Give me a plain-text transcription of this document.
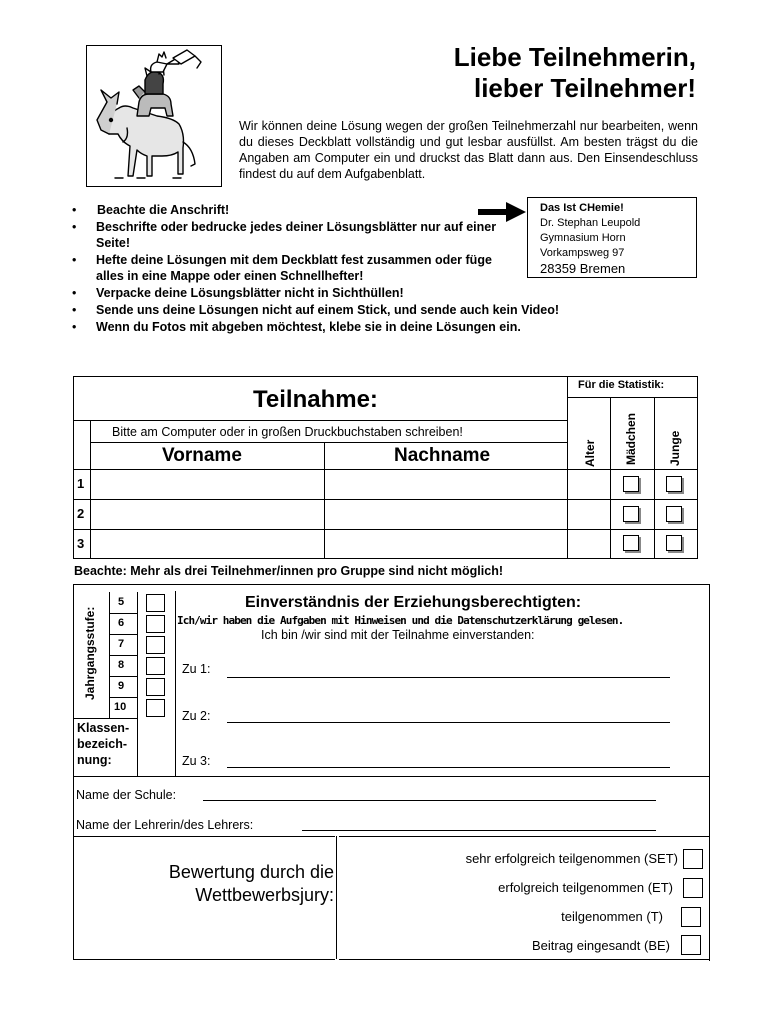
Liebe Teilnehmerin,
lieber Teilnehmer!
Wir können deine Lösung wegen der großen Teilnehmerzahl nur bearbeiten, wenn du dieses Deckblatt vollständig und gut lesbar ausfüllst. Am besten trägst du die Angaben am Computer ein und druckst das Blatt dann aus. Den Einsendeschluss findest du auf dem Aufgabenblatt.
Das Ist CHemie!
Dr. Stephan Leupold
Gymnasium Horn
Vorkampsweg 97
28359 Bremen
• Beachte die Anschrift!
• Beschrifte oder bedrucke jedes deiner Lösungsblätter nur auf einer Seite!
• Hefte deine Lösungen mit dem Deckblatt fest zusammen oder füge alles in eine Mappe oder einen Schnellhefter!
• Verpacke deine Lösungsblätter nicht in Sichthüllen!
• Sende uns deine Lösungen nicht auf einem Stick, und sende auch kein Video!
• Wenn du Fotos mit abgeben möchtest, klebe sie in deine Lösungen ein.
Teilnahme:
Bitte am Computer oder in großen Druckbuchstaben schreiben!
Vorname	Nachname
Für die Statistik:
Alter Mädchen	Junge
1
2
3
Beachte: Mehr als drei Teilnehmer/innen pro Gruppe sind nicht möglich!
Jahrgangsstufe:
5
6
7
8
9
10
Klassen-
bezeich-
nung:
Einverständnis der Erziehungsberechtigten:
Ich/wir haben die Aufgaben mit Hinweisen und die Datenschutzerklärung gelesen.
Ich bin /wir sind mit der Teilnahme einverstanden:
Zu 1:
Zu 2:
Zu 3:
Name der Schule:
Name der Lehrerin/des Lehrers:
Bewertung durch die
Wettbewerbsjury:
sehr erfolgreich teilgenommen (SET)
erfolgreich teilgenommen (ET)
teilgenommen (T)
Beitrag eingesandt (BE)
